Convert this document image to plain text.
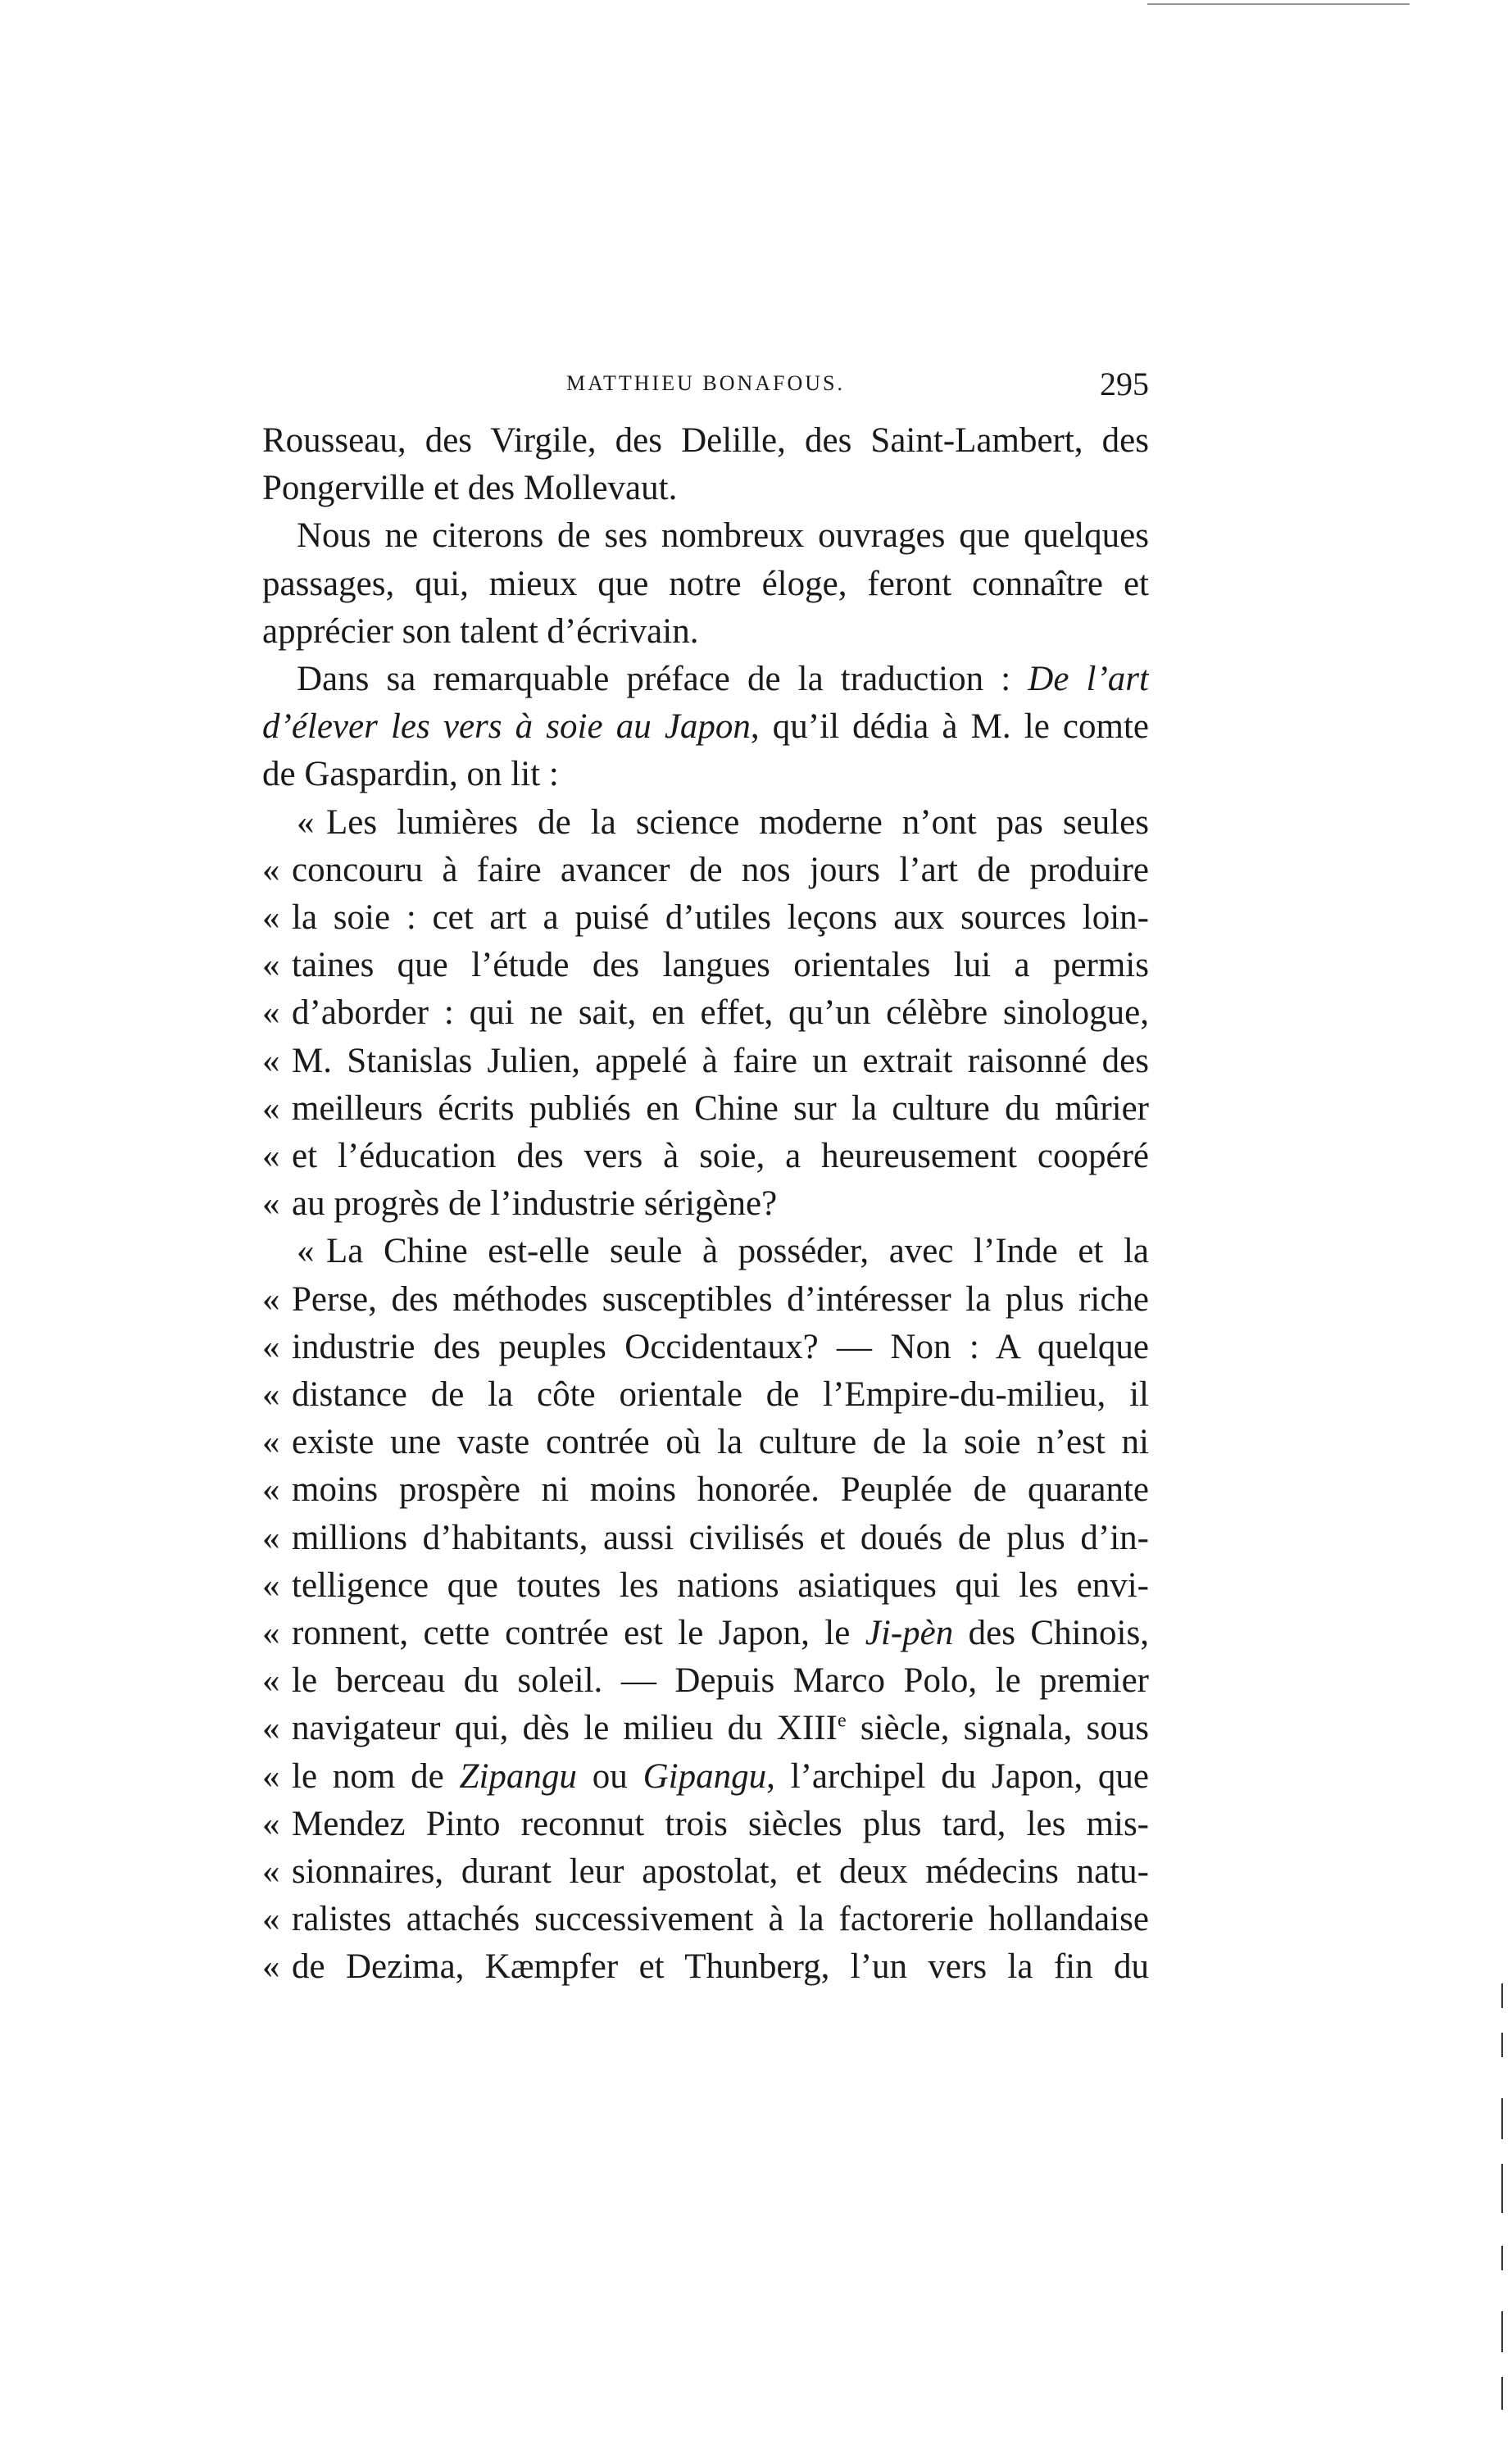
MATTHIEU BONAFOUS.	295
Rousseau, des Virgile, des Delille, des Saint-Lambert, des
Pongerville et des Mollevaut.
Nous ne citerons de ses nombreux ouvrages que quelques
passages, qui, mieux que notre éloge, feront connaître et
apprécier son talent d’écrivain.
Dans sa remarquable préface de la traduction : De l’art
d’élever les vers à soie au Japon, qu’il dédia à M. le comte
de Gaspardin, on lit :
« Les lumières de la science moderne n’ont pas seules
« concouru à faire avancer de nos jours l’art de produire
« la soie : cet art a puisé d’utiles leçons aux sources loin-
« taines que l’étude des langues orientales lui a permis
« d’aborder : qui ne sait, en effet, qu’un célèbre sinologue,
« M. Stanislas Julien, appelé à faire un extrait raisonné des
« meilleurs écrits publiés en Chine sur la culture du mûrier
« et l’éducation des vers à soie, a heureusement coopéré
« au progrès de l’industrie sérigène?
« La Chine est-elle seule à posséder, avec l’Inde et la
« Perse, des méthodes susceptibles d’intéresser la plus riche
« industrie des peuples Occidentaux? — Non : A quelque
« distance de la côte orientale de l’Empire-du-milieu, il
« existe une vaste contrée où la culture de la soie n’est ni
« moins prospère ni moins honorée. Peuplée de quarante
« millions d’habitants, aussi civilisés et doués de plus d’in-
« telligence que toutes les nations asiatiques qui les envi-
« ronnent, cette contrée est le Japon, le Ji-pèn des Chinois,
« le berceau du soleil. — Depuis Marco Polo, le premier
« navigateur qui, dès le milieu du XIIIe siècle, signala, sous
« le nom de Zipangu ou Gipangu, l’archipel du Japon, que
« Mendez Pinto reconnut trois siècles plus tard, les mis-
« sionnaires, durant leur apostolat, et deux médecins natu-
« ralistes attachés successivement à la factorerie hollandaise
« de Dezima, Kæmpfer et Thunberg, l’un vers la fin du
